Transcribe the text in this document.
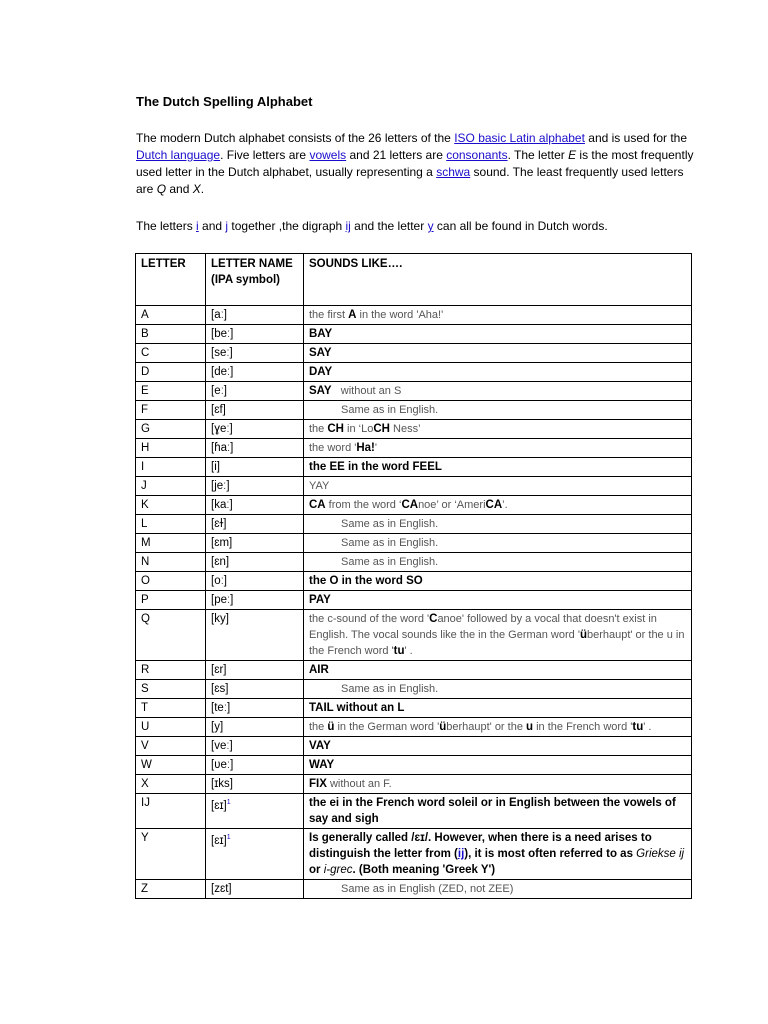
The Dutch Spelling Alphabet

The modern Dutch alphabet consists of the 26 letters of the ISO basic Latin alphabet and is used for the Dutch language. Five letters are vowels and 21 letters are consonants. The letter E is the most frequently used letter in the Dutch alphabet, usually representing a schwa sound. The least frequently used letters are Q and X.

The letters i and j together ,the digraph ij and the letter y can all be found in Dutch words.

LETTER	LETTER NAME (IPA symbol)	SOUNDS LIKE….
A	[aː]	the first A in the word 'Aha!'
B	[beː]	BAY
C	[seː]	SAY
D	[deː]	DAY
E	[eː]	SAY   without an S
F	[ɛf]	Same as in English.
G	[ɣeː]	the CH in ‘LoCH Ness’
H	[ɦaː]	the word 'Ha!'
I	[i]	the EE in the word FEEL
J	[jeː]	YAY
K	[kaː]	CA from the word ‘CAnoe’ or ‘AmeriCA’.
L	[ɛɫ]	Same as in English.
M	[ɛm]	Same as in English.
N	[ɛn]	Same as in English.
O	[oː]	the O in the word SO
P	[peː]	PAY
Q	[ky]	the c-sound of the word 'Canoe' followed by a vocal that doesn't exist in English. The vocal sounds like the in the German word 'überhaupt' or the u in the French word 'tu' .
R	[ɛr]	AIR
S	[ɛs]	Same as in English.
T	[teː]	TAIL without an L
U	[y]	the ü in the German word 'überhaupt' or the u in the French word 'tu' .
V	[veː]	VAY
W	[ʋeː]	WAY
X	[ɪks]	FIX without an F.
IJ	[ɛɪ]$^1$	the ei in the French word soleil or in English between the vowels of say and sigh
Y	[ɛɪ]$^1$	Is generally called /ɛɪ/. However, when there is a need arises to distinguish the letter from (ij), it is most often referred to as Griekse ij or i-grec. (Both meaning 'Greek Y')
Z	[zɛt]	Same as in English (ZED, not ZEE)
